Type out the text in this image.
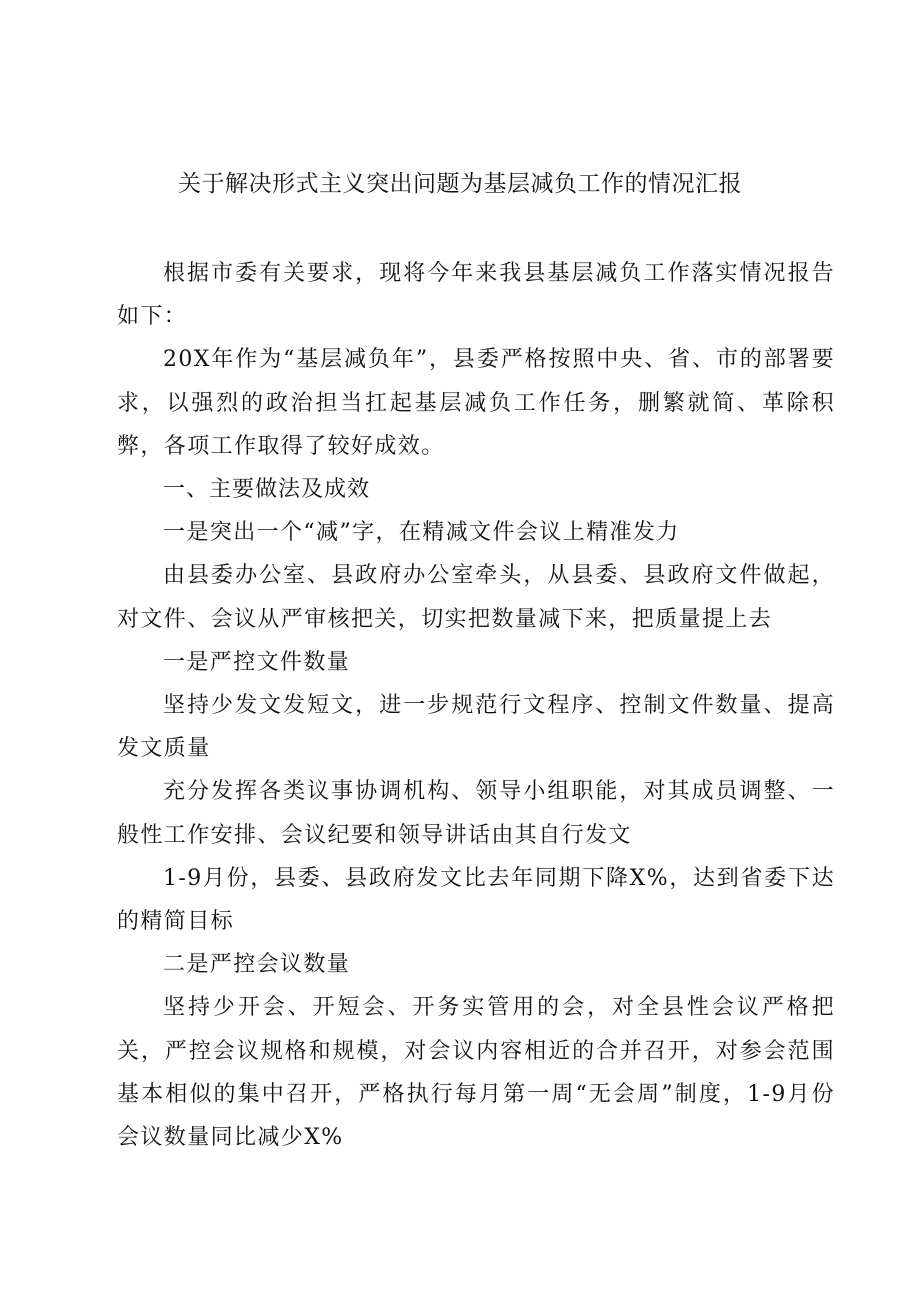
关于解决形式主义突出问题为基层减负工作的情况汇报

根据市委有关要求，现将今年来我县基层减负工作落实情况报告如下：

20X年作为“基层减负年”，县委严格按照中央、省、市的部署要求，以强烈的政治担当扛起基层减负工作任务，删繁就简、革除积弊，各项工作取得了较好成效。

一、主要做法及成效

一是突出一个“减”字，在精减文件会议上精准发力

由县委办公室、县政府办公室牵头，从县委、县政府文件做起，对文件、会议从严审核把关，切实把数量减下来，把质量提上去

一是严控文件数量

坚持少发文发短文，进一步规范行文程序、控制文件数量、提高发文质量

充分发挥各类议事协调机构、领导小组职能，对其成员调整、一般性工作安排、会议纪要和领导讲话由其自行发文

1-9月份，县委、县政府发文比去年同期下降X%，达到省委下达的精简目标

二是严控会议数量

坚持少开会、开短会、开务实管用的会，对全县性会议严格把关，严控会议规格和规模，对会议内容相近的合并召开，对参会范围基本相似的集中召开，严格执行每月第一周“无会周”制度，1-9月份会议数量同比减少X%
